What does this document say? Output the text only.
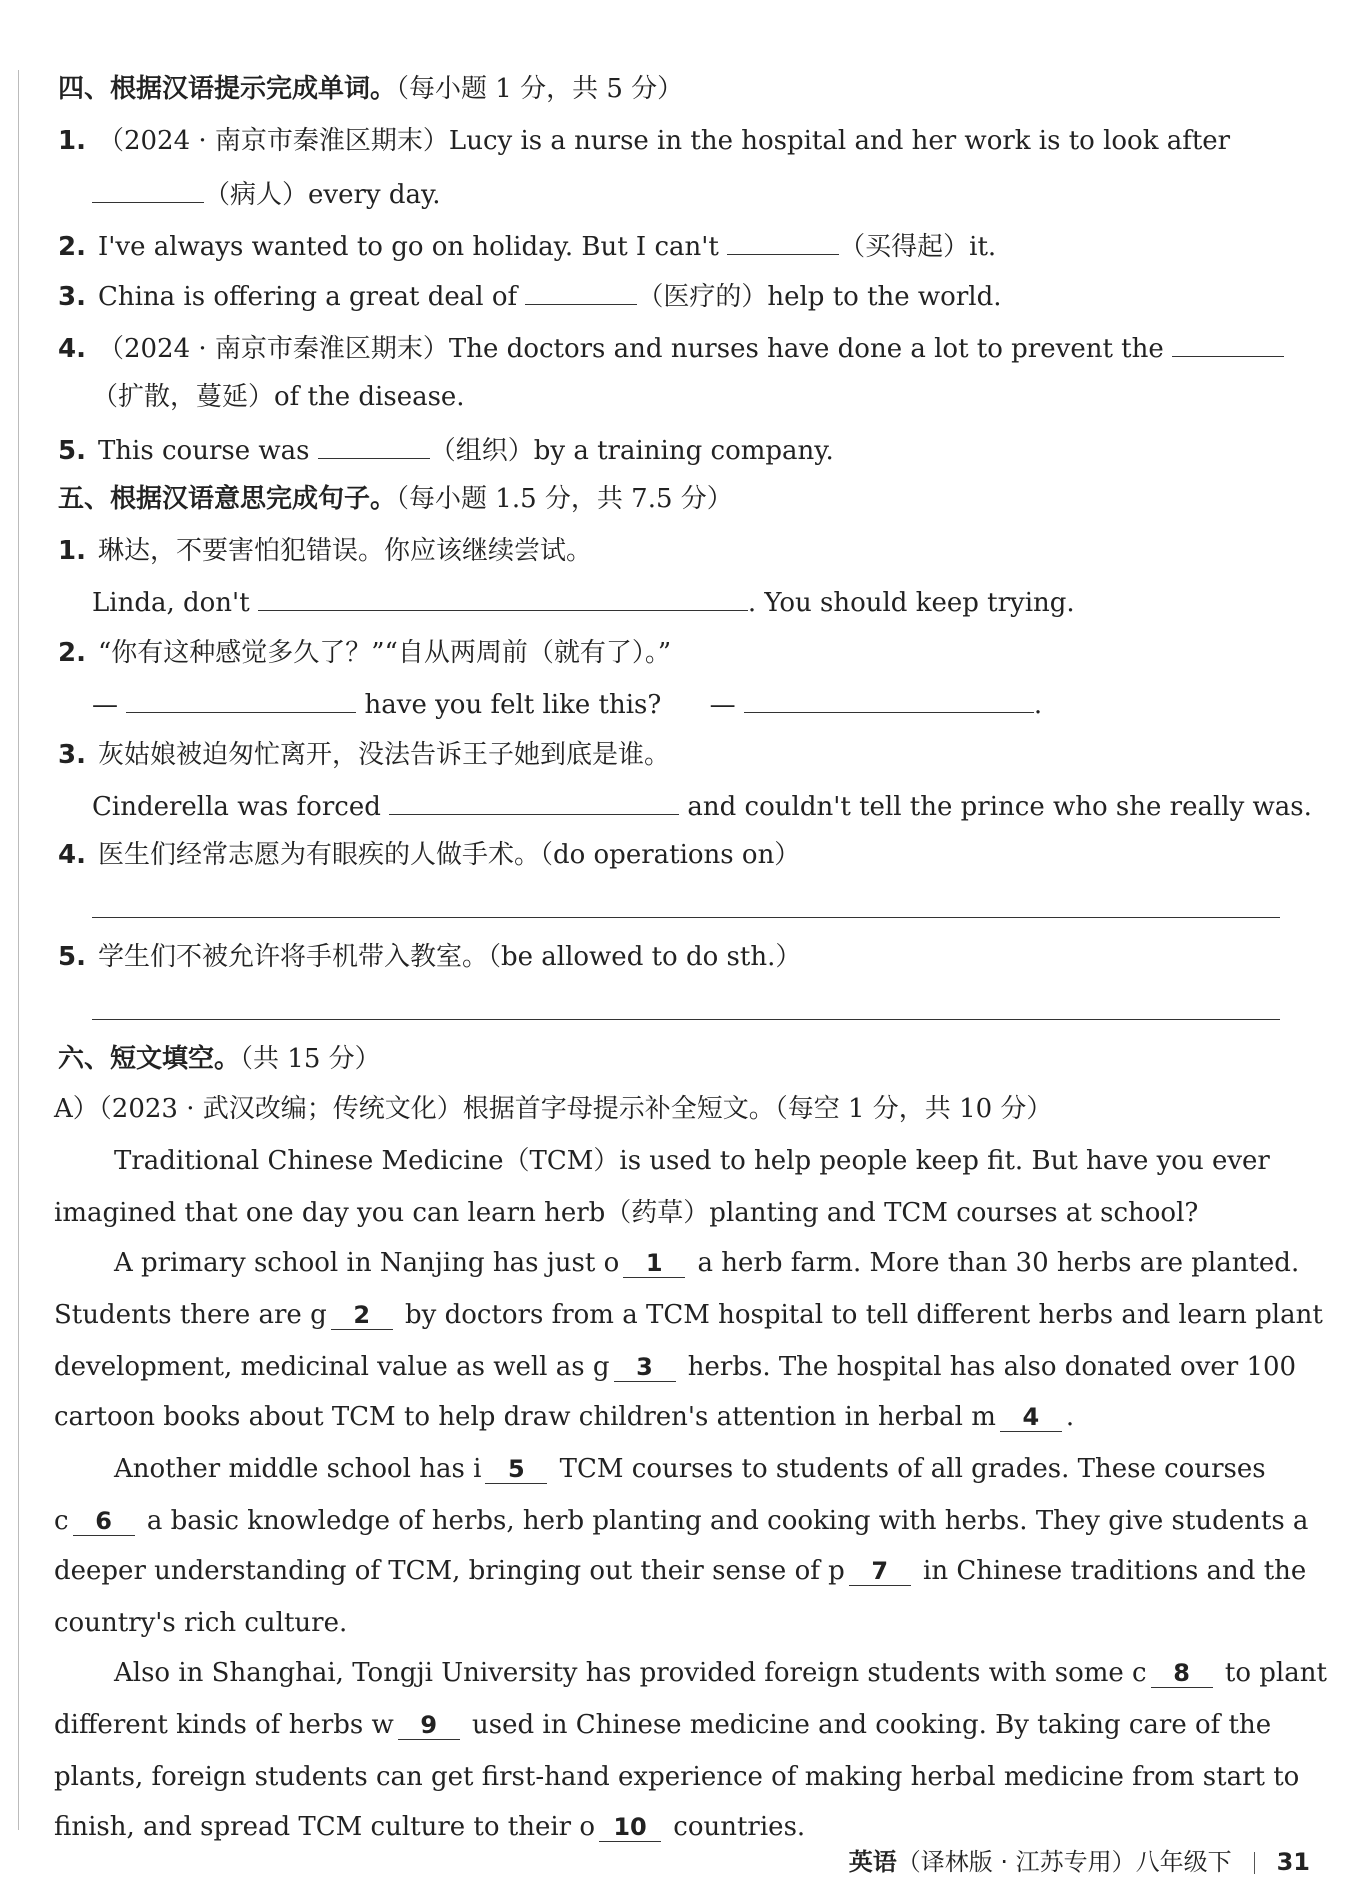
四、根据汉语提示完成单词。（每小题 1 分，共 5 分）
1. （2024 · 南京市秦淮区期末）Lucy is a nurse in the hospital and her work is to look after
（病人）every day.
2. I've always wanted to go on holiday. But I can't	（买得起）it.
3. China is offering a great deal of	（医疗的）help to the world.
4. （2024 · 南京市秦淮区期末）The doctors and nurses have done a lot to prevent the
（扩散，蔓延）of the disease.
5. This course was	（组织）by a training company.
五、根据汉语意思完成句子。（每小题 1.5 分，共 7.5 分）
1. 琳达，不要害怕犯错误。你应该继续尝试。
Linda, don't	. You should keep trying.
2. “你有这种感觉多久了？”“自从两周前（就有了）。”
—	have you felt like this? —	.
3. 灰姑娘被迫匆忙离开，没法告诉王子她到底是谁。
Cinderella was forced	and couldn't tell the prince who she really was.
4. 医生们经常志愿为有眼疾的人做手术。（do operations on）
5. 学生们不被允许将手机带入教室。（be allowed to do sth.）
六、短文填空。（共 15 分）
A）（2023 · 武汉改编；传统文化）根据首字母提示补全短文。（每空 1 分，共 10 分）
Traditional Chinese Medicine（TCM）is used to help people keep fit. But have you ever
imagined that one day you can learn herb（药草）planting and TCM courses at school?
A primary school in Nanjing has just o 1 a herb farm. More than 30 herbs are planted.
Students there are g 2 by doctors from a TCM hospital to tell different herbs and learn plant
development, medicinal value as well as g 3 herbs. The hospital has also donated over 100
cartoon books about TCM to help draw children's attention in herbal m 4 .
Another middle school has i 5 TCM courses to students of all grades. These courses
c 6 a basic knowledge of herbs, herb planting and cooking with herbs. They give students a
deeper understanding of TCM, bringing out their sense of p 7 in Chinese traditions and the
country's rich culture.
Also in Shanghai, Tongji University has provided foreign students with some c 8 to plant
different kinds of herbs w 9 used in Chinese medicine and cooking. By taking care of the
plants, foreign students can get first-hand experience of making herbal medicine from start to
finish, and spread TCM culture to their o 10 countries.
英语（译林版 · 江苏专用）八年级下 31
